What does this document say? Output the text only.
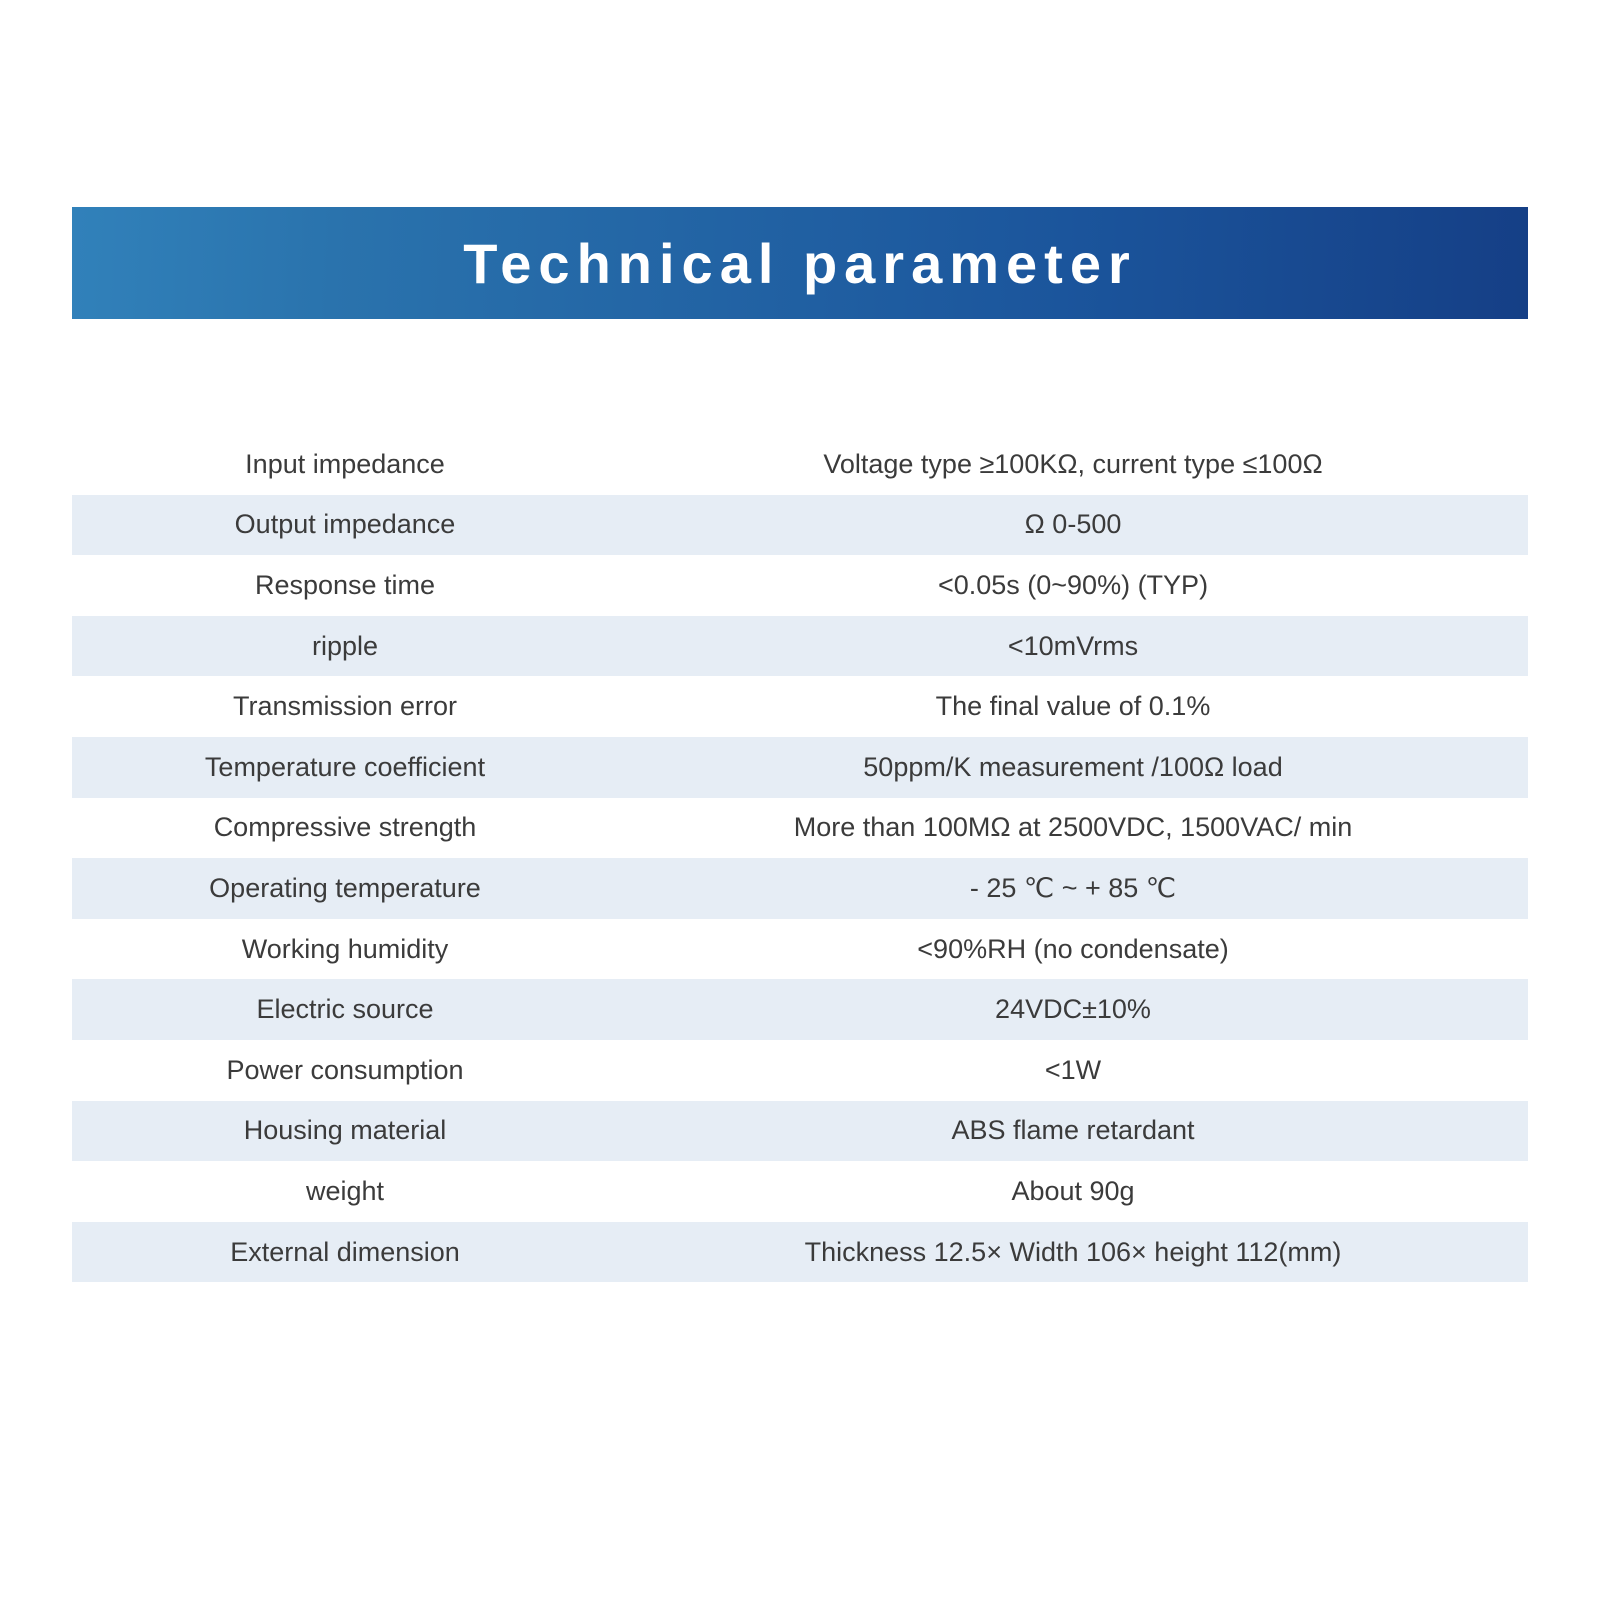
Technical parameter
Input impedance	Voltage type ≥100KΩ, current type ≤100Ω
Output impedance	Ω 0-500
Response time	<0.05s (0~90%) (TYP)
ripple	<10mVrms
Transmission error	The final value of 0.1%
Temperature coefficient	50ppm/K measurement /100Ω load
Compressive strength	More than 100MΩ at 2500VDC, 1500VAC/ min
Operating temperature	- 25 ℃ ~ + 85 ℃
Working humidity	<90%RH (no condensate)
Electric source	24VDC±10%
Power consumption	<1W
Housing material	ABS flame retardant
weight	About 90g
External dimension	Thickness 12.5× Width 106× height 112(mm)
